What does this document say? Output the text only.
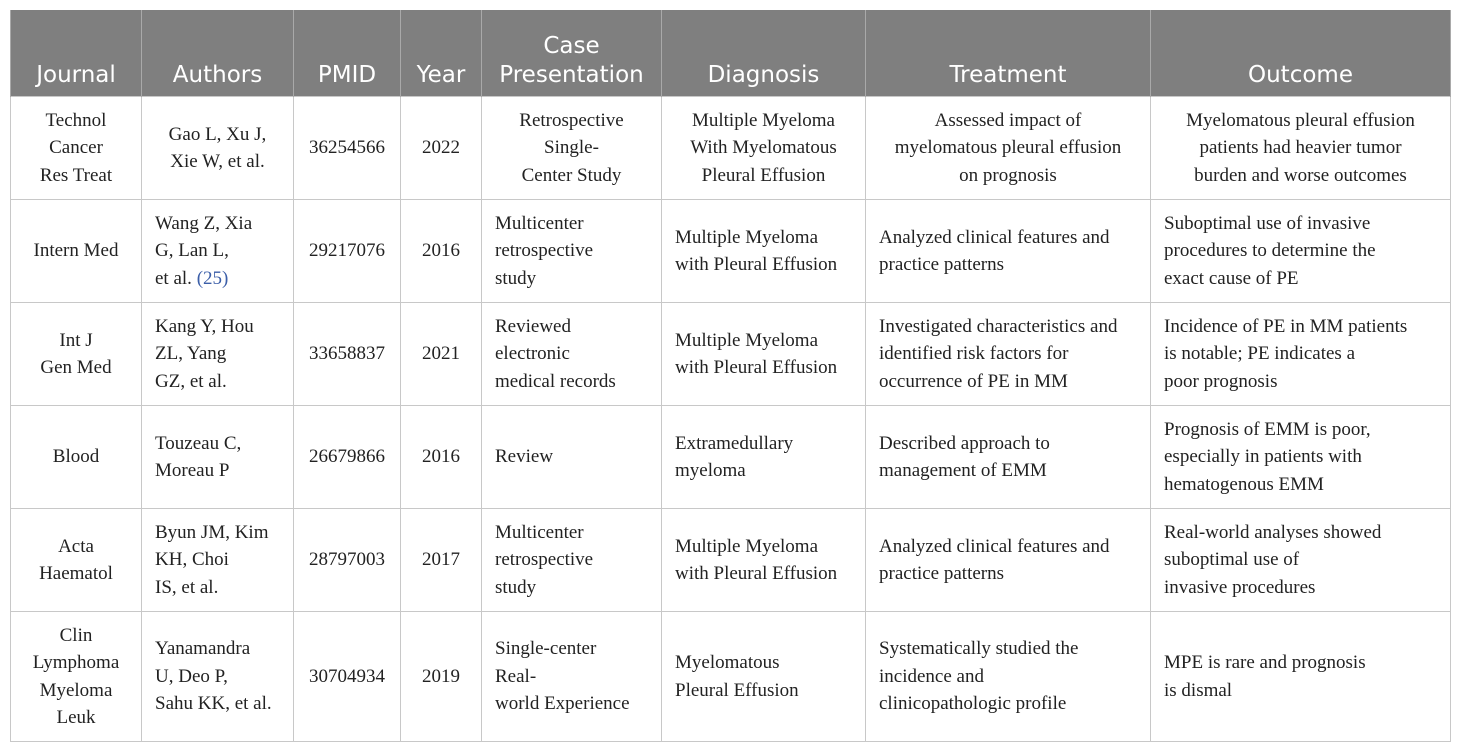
Journal	Authors	PMID	Year	Case
Presentation	Diagnosis	Treatment	Outcome

Technol
Cancer
Res Treat	Gao L, Xu J,
Xie W, et al.	36254566	2022	Retrospective
Single-
Center Study	Multiple Myeloma
With Myelomatous
Pleural Effusion	Assessed impact of
myelomatous pleural effusion
on prognosis	Myelomatous pleural effusion
patients had heavier tumor
burden and worse outcomes

Intern Med	Wang Z, Xia
G, Lan L,
et al. (25)	29217076	2016	Multicenter
retrospective
study	Multiple Myeloma
with Pleural Effusion	Analyzed clinical features and
practice patterns	Suboptimal use of invasive
procedures to determine the
exact cause of PE

Int J
Gen Med	Kang Y, Hou
ZL, Yang
GZ, et al.	33658837	2021	Reviewed
electronic
medical records	Multiple Myeloma
with Pleural Effusion	Investigated characteristics and
identified risk factors for
occurrence of PE in MM	Incidence of PE in MM patients
is notable; PE indicates a
poor prognosis

Blood	Touzeau C,
Moreau P	26679866	2016	Review	Extramedullary
myeloma	Described approach to
management of EMM	Prognosis of EMM is poor,
especially in patients with
hematogenous EMM

Acta
Haematol	Byun JM, Kim
KH, Choi
IS, et al.	28797003	2017	Multicenter
retrospective
study	Multiple Myeloma
with Pleural Effusion	Analyzed clinical features and
practice patterns	Real-world analyses showed
suboptimal use of
invasive procedures

Clin
Lymphoma
Myeloma
Leuk	Yanamandra
U, Deo P,
Sahu KK, et al.	30704934	2019	Single-center
Real-
world Experience	Myelomatous
Pleural Effusion	Systematically studied the
incidence and
clinicopathologic profile	MPE is rare and prognosis
is dismal
